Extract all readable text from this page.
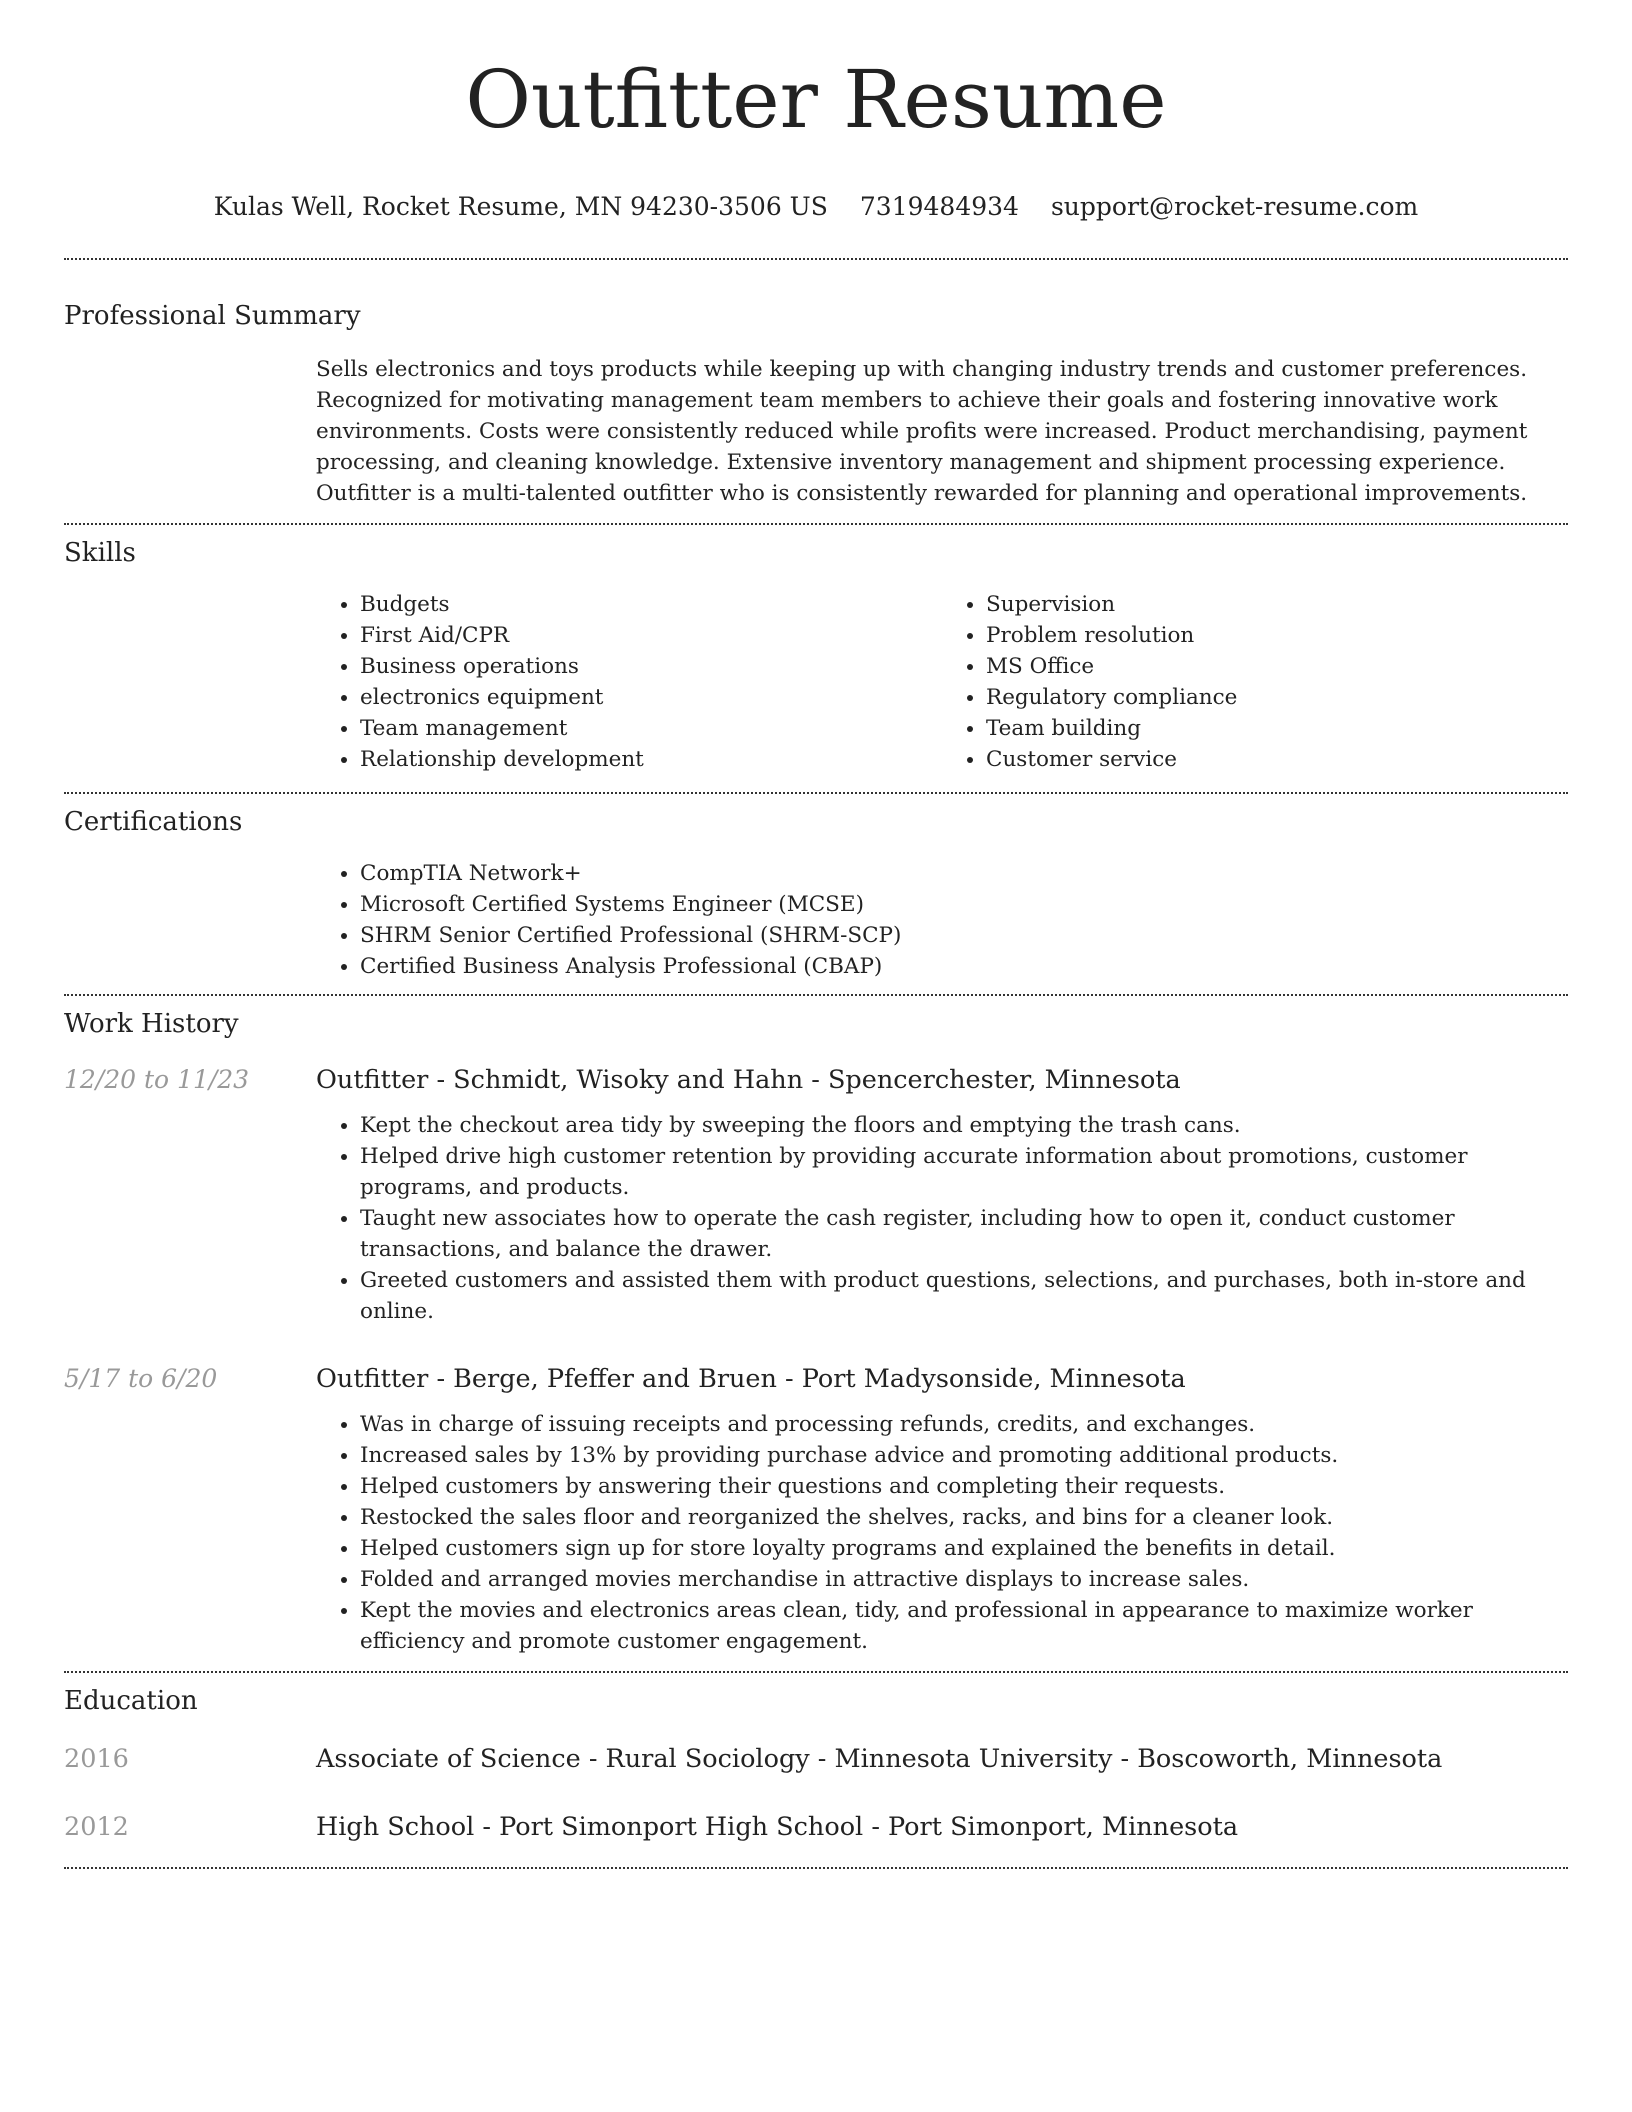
Outfitter Resume
Kulas Well, Rocket Resume, MN 94230-3506 US 7319484934 support@rocket-resume.com
Professional Summary

Sells electronics and toys products while keeping up with changing industry trends and customer preferences. Recognized for motivating management team members to achieve their goals and fostering innovative work environments. Costs were consistently reduced while profits were increased. Product merchandising, payment processing, and cleaning knowledge. Extensive inventory management and shipment processing experience. Outfitter is a multi-talented outfitter who is consistently rewarded for planning and operational improvements.

Skills
• Budgets
• First Aid/CPR
• Business operations
• electronics equipment
• Team management
• Relationship development
• Supervision
• Problem resolution
• MS Office
• Regulatory compliance
• Team building
• Customer service
Certifications
• CompTIA Network+
• Microsoft Certified Systems Engineer (MCSE)
• SHRM Senior Certified Professional (SHRM-SCP)
• Certified Business Analysis Professional (CBAP)
Work History
12/20 to 11/23	Outfitter - Schmidt, Wisoky and Hahn - Spencerchester, Minnesota
• Kept the checkout area tidy by sweeping the floors and emptying the trash cans.
• Helped drive high customer retention by providing accurate information about promotions, customer programs, and products.
• Taught new associates how to operate the cash register, including how to open it, conduct customer transactions, and balance the drawer.
• Greeted customers and assisted them with product questions, selections, and purchases, both in-store and online.
5/17 to 6/20	Outfitter - Berge, Pfeffer and Bruen - Port Madysonside, Minnesota
• Was in charge of issuing receipts and processing refunds, credits, and exchanges.
• Increased sales by 13% by providing purchase advice and promoting additional products.
• Helped customers by answering their questions and completing their requests.
• Restocked the sales floor and reorganized the shelves, racks, and bins for a cleaner look.
• Helped customers sign up for store loyalty programs and explained the benefits in detail.
• Folded and arranged movies merchandise in attractive displays to increase sales.
• Kept the movies and electronics areas clean, tidy, and professional in appearance to maximize worker efficiency and promote customer engagement.
Education
2016	Associate of Science - Rural Sociology - Minnesota University - Boscoworth, Minnesota
2012	High School - Port Simonport High School - Port Simonport, Minnesota
